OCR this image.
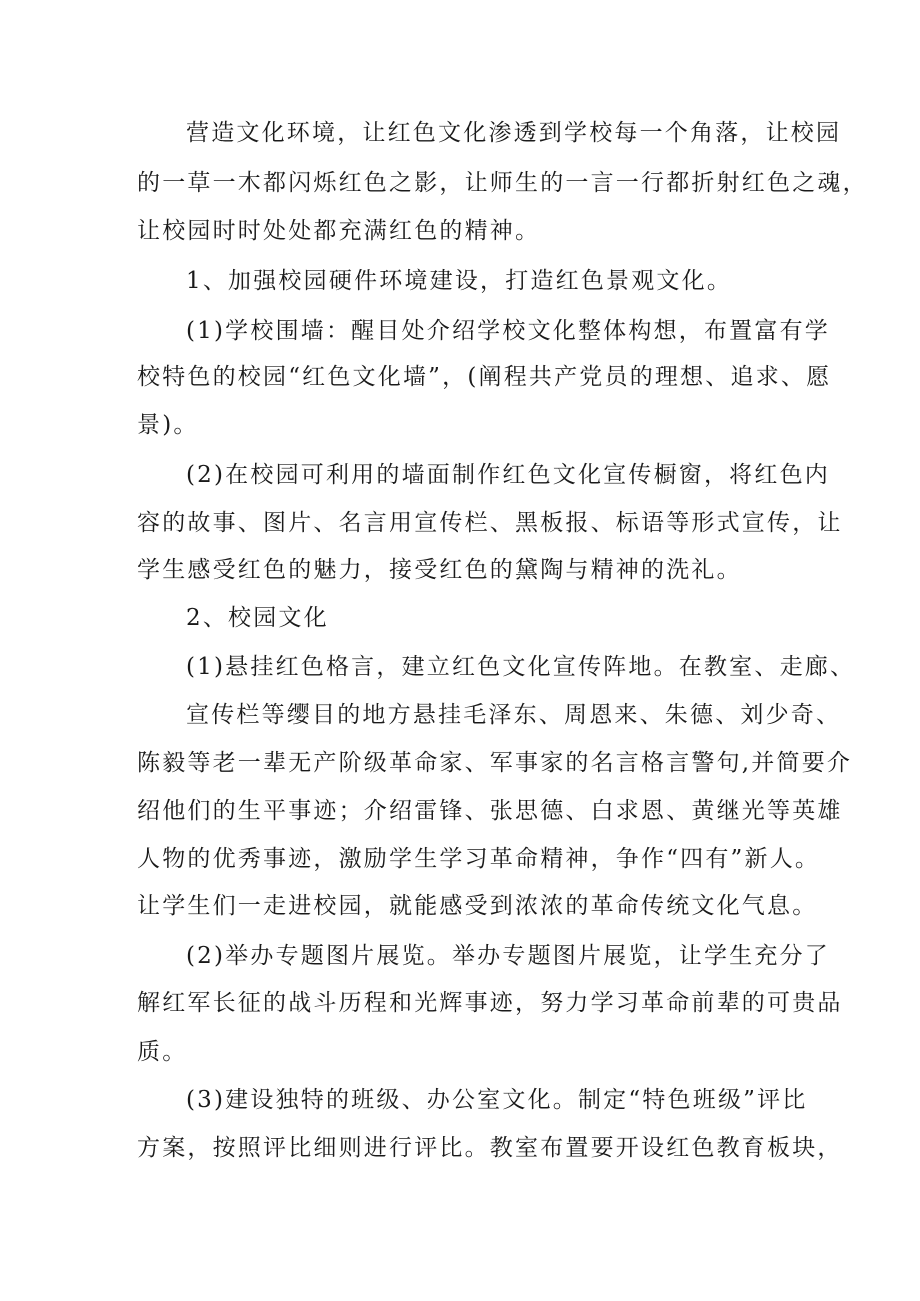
营造文化环境，让红色文化渗透到学校每一个角落，让校园
的一草一木都闪烁红色之影，让师生的一言一行都折射红色之魂，
让校园时时处处都充满红色的精神。
1、加强校园硬件环境建设，打造红色景观文化。
(1)学校围墙：醒目处介绍学校文化整体构想，布置富有学
校特色的校园“红色文化墙”，(阐程共产党员的理想、追求、愿
景)。
(2)在校园可利用的墙面制作红色文化宣传橱窗，将红色内
容的故事、图片、名言用宣传栏、黑板报、标语等形式宣传，让
学生感受红色的魅力，接受红色的黛陶与精神的洗礼。
2、校园文化
(1)悬挂红色格言，建立红色文化宣传阵地。在教室、走廊、
宣传栏等缨目的地方悬挂毛泽东、周恩来、朱德、刘少奇、
陈毅等老一辈无产阶级革命家、军事家的名言格言警句,并简要介
绍他们的生平事迹；介绍雷锋、张思德、白求恩、黄继光等英雄
人物的优秀事迹，激励学生学习革命精神，争作“四有”新人。
让学生们一走进校园，就能感受到浓浓的革命传统文化气息。
(2)举办专题图片展览。举办专题图片展览，让学生充分了
解红军长征的战斗历程和光辉事迹，努力学习革命前辈的可贵品
质。
(3)建设独特的班级、办公室文化。制定“特色班级”评比
方案，按照评比细则进行评比。教室布置要开设红色教育板块，
